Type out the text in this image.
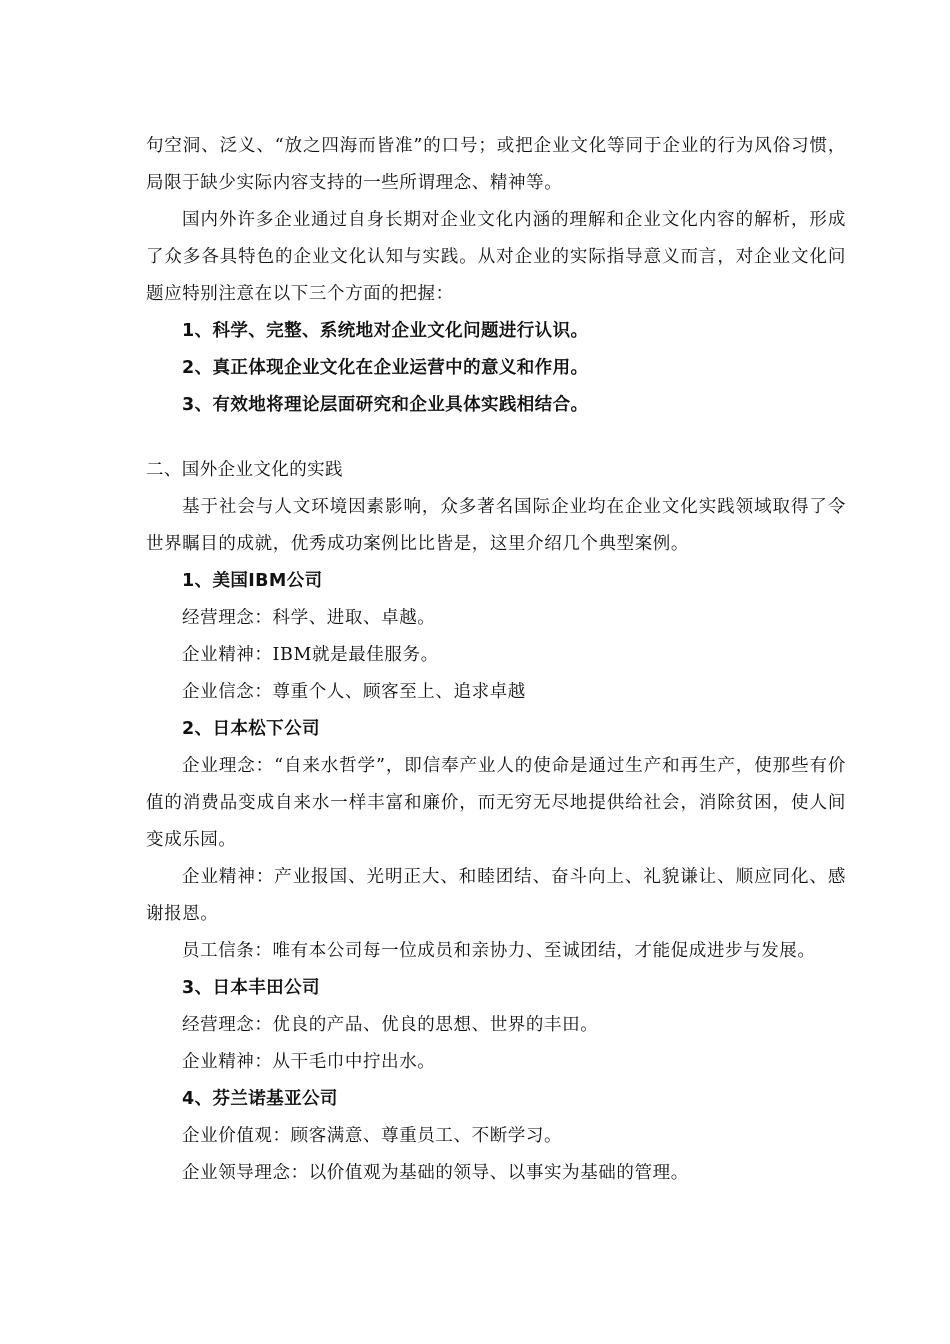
句空洞、泛义、“放之四海而皆准”的口号；或把企业文化等同于企业的行为风俗习惯，局限于缺少实际内容支持的一些所谓理念、精神等。

国内外许多企业通过自身长期对企业文化内涵的理解和企业文化内容的解析，形成了众多各具特色的企业文化认知与实践。从对企业的实际指导意义而言，对企业文化问题应特别注意在以下三个方面的把握：

1、科学、完整、系统地对企业文化问题进行认识。

2、真正体现企业文化在企业运营中的意义和作用。

3、有效地将理论层面研究和企业具体实践相结合。

二、国外企业文化的实践

基于社会与人文环境因素影响，众多著名国际企业均在企业文化实践领域取得了令世界瞩目的成就，优秀成功案例比比皆是，这里介绍几个典型案例。

1、美国IBM公司

经营理念：科学、进取、卓越。

企业精神：IBM就是最佳服务。

企业信念：尊重个人、顾客至上、追求卓越

2、日本松下公司

企业理念：“自来水哲学”，即信奉产业人的使命是通过生产和再生产，使那些有价值的消费品变成自来水一样丰富和廉价，而无穷无尽地提供给社会，消除贫困，使人间变成乐园。

企业精神：产业报国、光明正大、和睦团结、奋斗向上、礼貌谦让、顺应同化、感谢报恩。

员工信条：唯有本公司每一位成员和亲协力、至诚团结，才能促成进步与发展。

3、日本丰田公司

经营理念：优良的产品、优良的思想、世界的丰田。

企业精神：从干毛巾中拧出水。

4、芬兰诺基亚公司

企业价值观：顾客满意、尊重员工、不断学习。

企业领导理念：以价值观为基础的领导、以事实为基础的管理。
